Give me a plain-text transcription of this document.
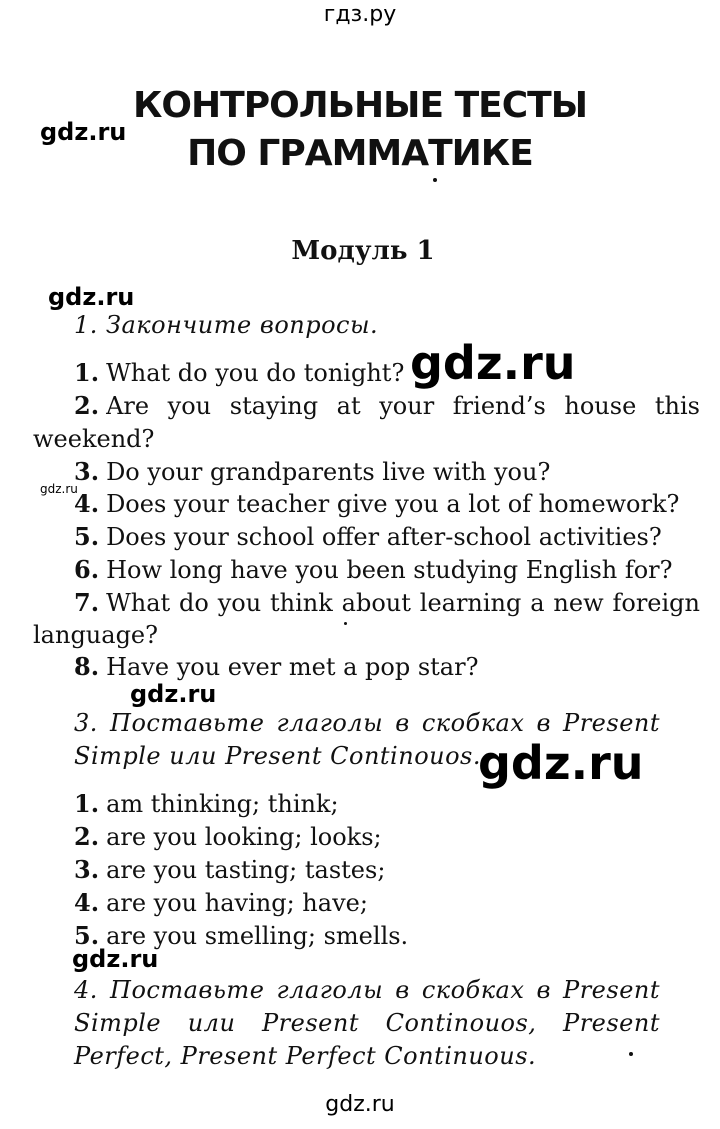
гдз.ру
gdz.ru
gdz.ru
gdz.ru
gdz.ru
gdz.ru
gdz.ru
gdz.ru
gdz.ru
КОНТРОЛЬНЫЕ ТЕСТЫ
ПО ГРАММАТИКЕ
Модуль 1

1. Закончите вопросы.

1. What do you do tonight?

2. Are you staying at your friend’s house this

weekend?

3. Do your grandparents live with you?

4. Does your teacher give you a lot of homework?

5. Does your school offer after-school activities?

6. How long have you been studying English for?

7. What do you think about learning a new foreign

language?

8. Have you ever met a pop star?

3. Поставьте глаголы в скобках в Present

Simple или Present Continouos.

1. am thinking; think;

2. are you looking; looks;

3. are you tasting; tastes;

4. are you having; have;

5. are you smelling; smells.

4. Поставьте глаголы в скобках в Present

Simple или Present Continouos, Present

Perfect, Present Perfect Continuous.
